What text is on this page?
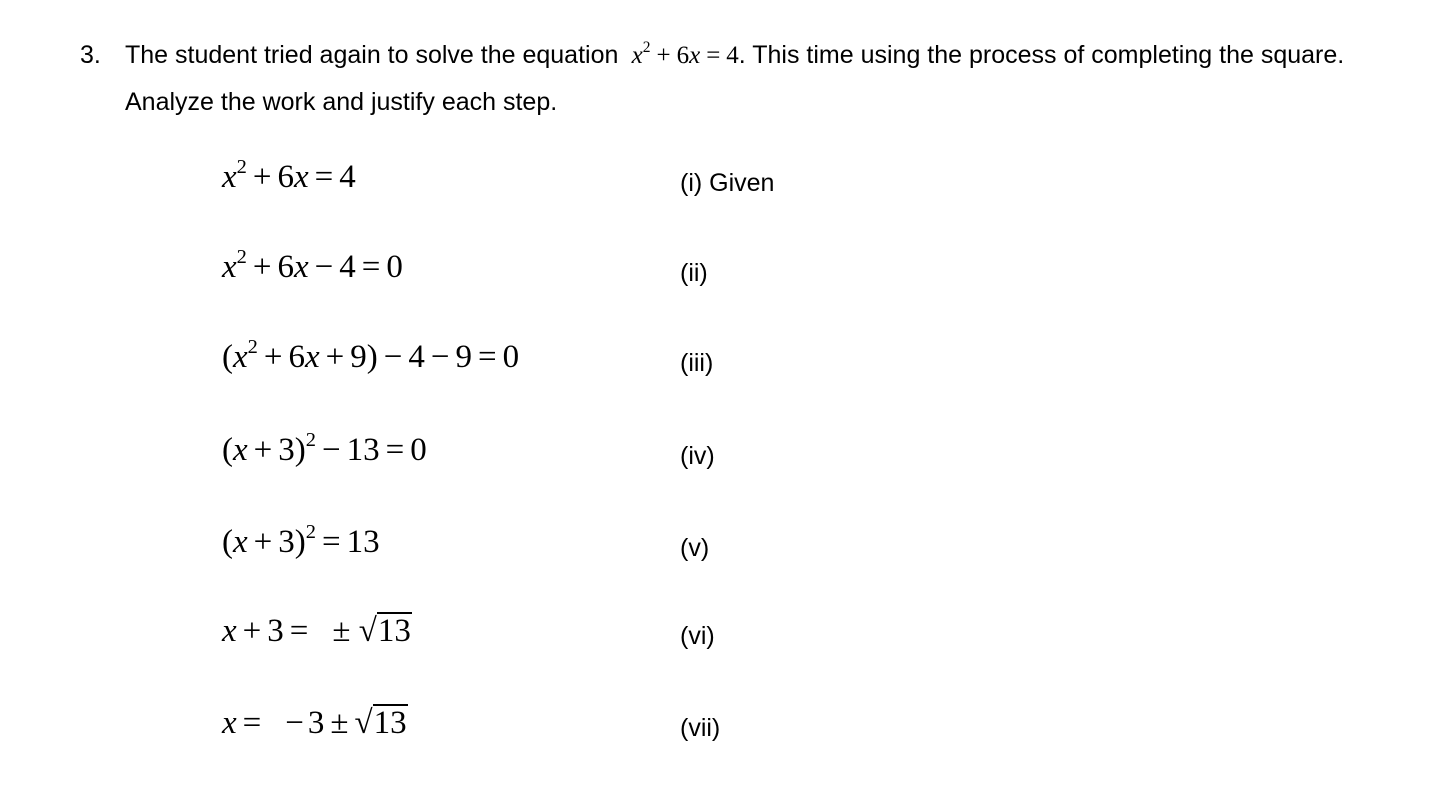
3. The student tried again to solve the equation $x^2 + 6x = 4$. This time using the process of completing the square. Analyze the work and justify each step.
$x^2 + 6x = 4$	(i) Given
$x^2 + 6x - 4 = 0$	(ii)
$(x^2 + 6x + 9) - 4 - 9 = 0$	(iii)
$(x + 3)^2 - 13 = 0$	(iv)
$(x + 3)^2 = 13$	(v)
x + 3 = ± √13	(vi)
x = − 3 ± √13	(vii)
